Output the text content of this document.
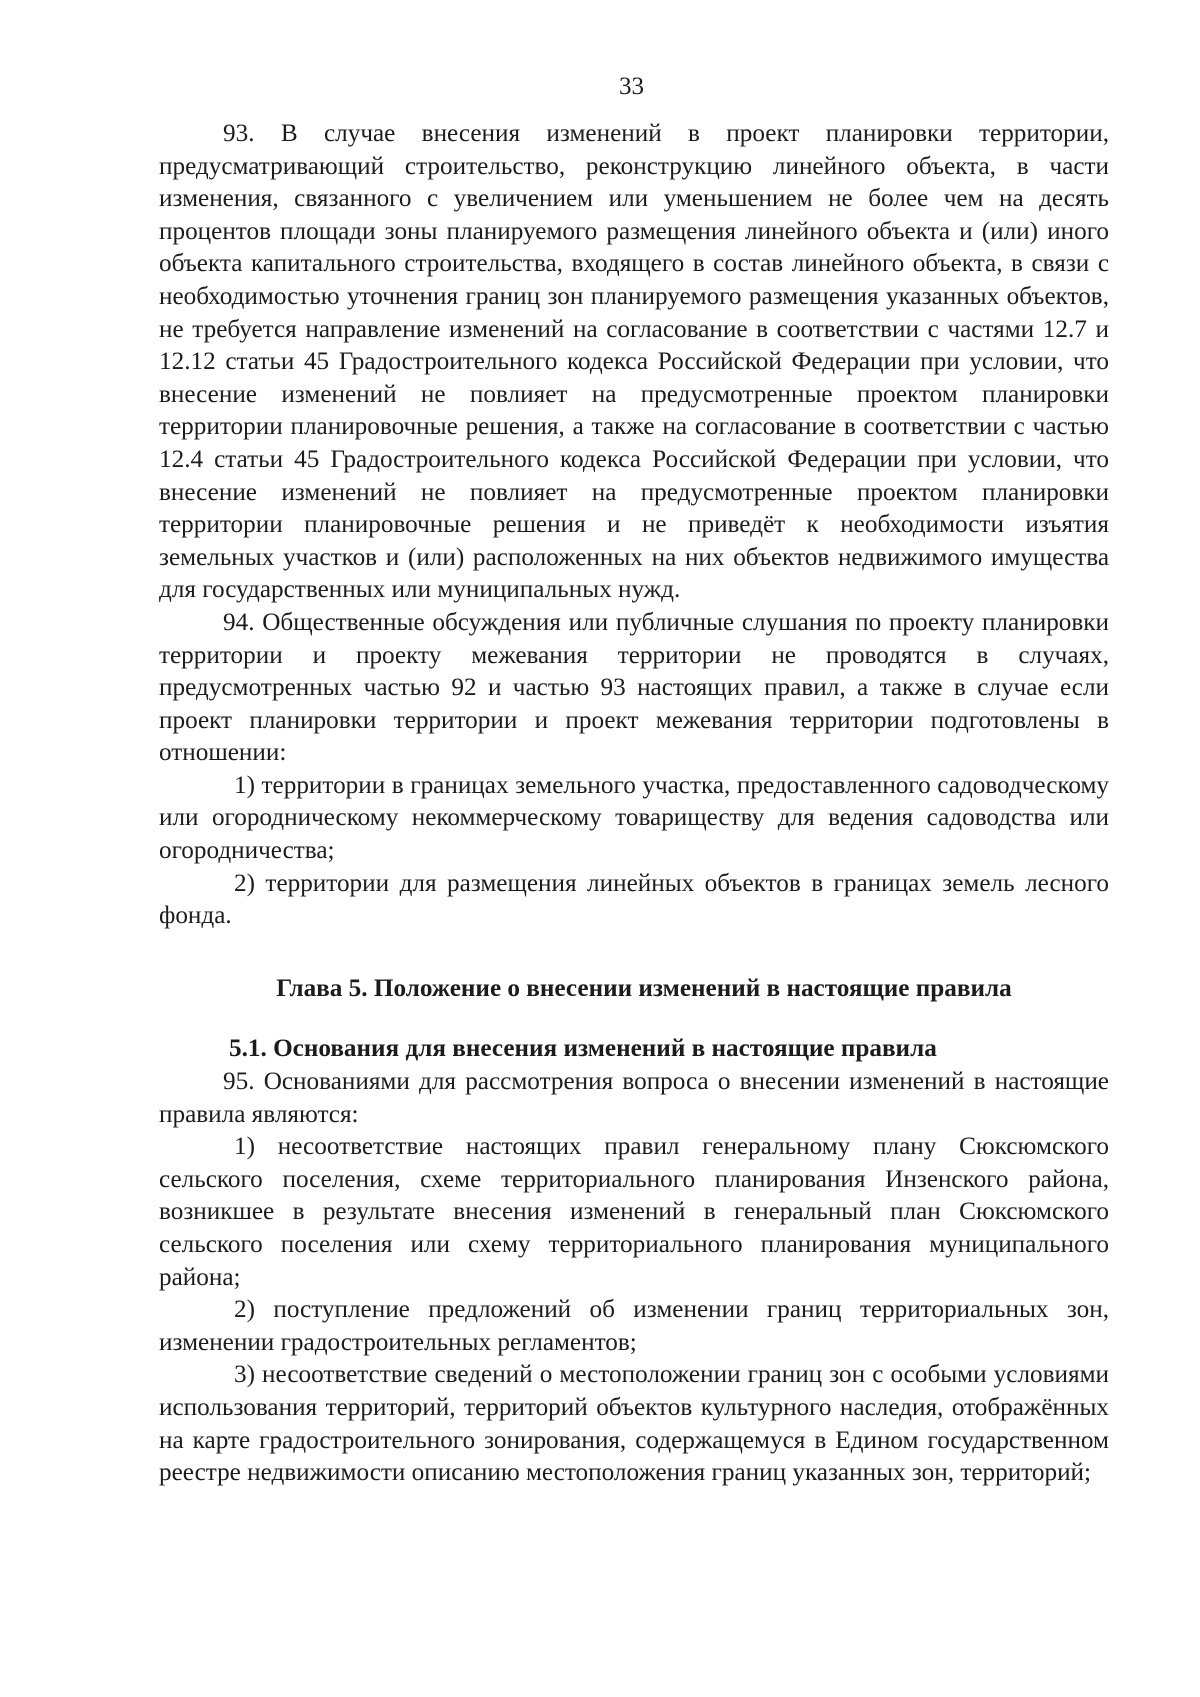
33

93. В случае внесения изменений в проект планировки территории, предусматривающий строительство, реконструкцию линейного объекта, в части изменения, связанного с увеличением или уменьшением не более чем на десять процентов площади зоны планируемого размещения линейного объекта и (или) иного объекта капитального строительства, входящего в состав линейного объекта, в связи с необходимостью уточнения границ зон планируемого размещения указанных объектов, не требуется направление изменений на согласование в соответствии с частями 12.7 и 12.12 статьи 45 Градостроительного кодекса Российской Федерации при условии, что внесение изменений не повлияет на предусмотренные проектом планировки территории планировочные решения, а также на согласование в соответствии с частью 12.4 статьи 45 Градостроительного кодекса Российской Федерации при условии, что внесение изменений не повлияет на предусмотренные проектом планировки территории планировочные решения и не приведёт к необходимости изъятия земельных участков и (или) расположенных на них объектов недвижимого имущества для государственных или муниципальных нужд.

94. Общественные обсуждения или публичные слушания по проекту планировки территории и проекту межевания территории не проводятся в случаях, предусмотренных частью 92 и частью 93 настоящих правил, а также в случае если проект планировки территории и проект межевания территории подготовлены в отношении:

1) территории в границах земельного участка, предоставленного садоводческому или огородническому некоммерческому товариществу для ведения садоводства или огородничества;

2) территории для размещения линейных объектов в границах земель лесного фонда.

Глава 5. Положение о внесении изменений в настоящие правила

5.1. Основания для внесения изменений в настоящие правила

95. Основаниями для рассмотрения вопроса о внесении изменений в настоящие правила являются:

1) несоответствие настоящих правил генеральному плану Сюксюмского сельского поселения, схеме территориального планирования Инзенского района, возникшее в результате внесения изменений в генеральный план Сюксюмского сельского поселения или схему территориального планирования муниципального района;

2) поступление предложений об изменении границ территориальных зон, изменении градостроительных регламентов;

3) несоответствие сведений о местоположении границ зон с особыми условиями использования территорий, территорий объектов культурного наследия, отображённых на карте градостроительного зонирования, содержащемуся в Едином государственном реестре недвижимости описанию местоположения границ указанных зон, территорий;
